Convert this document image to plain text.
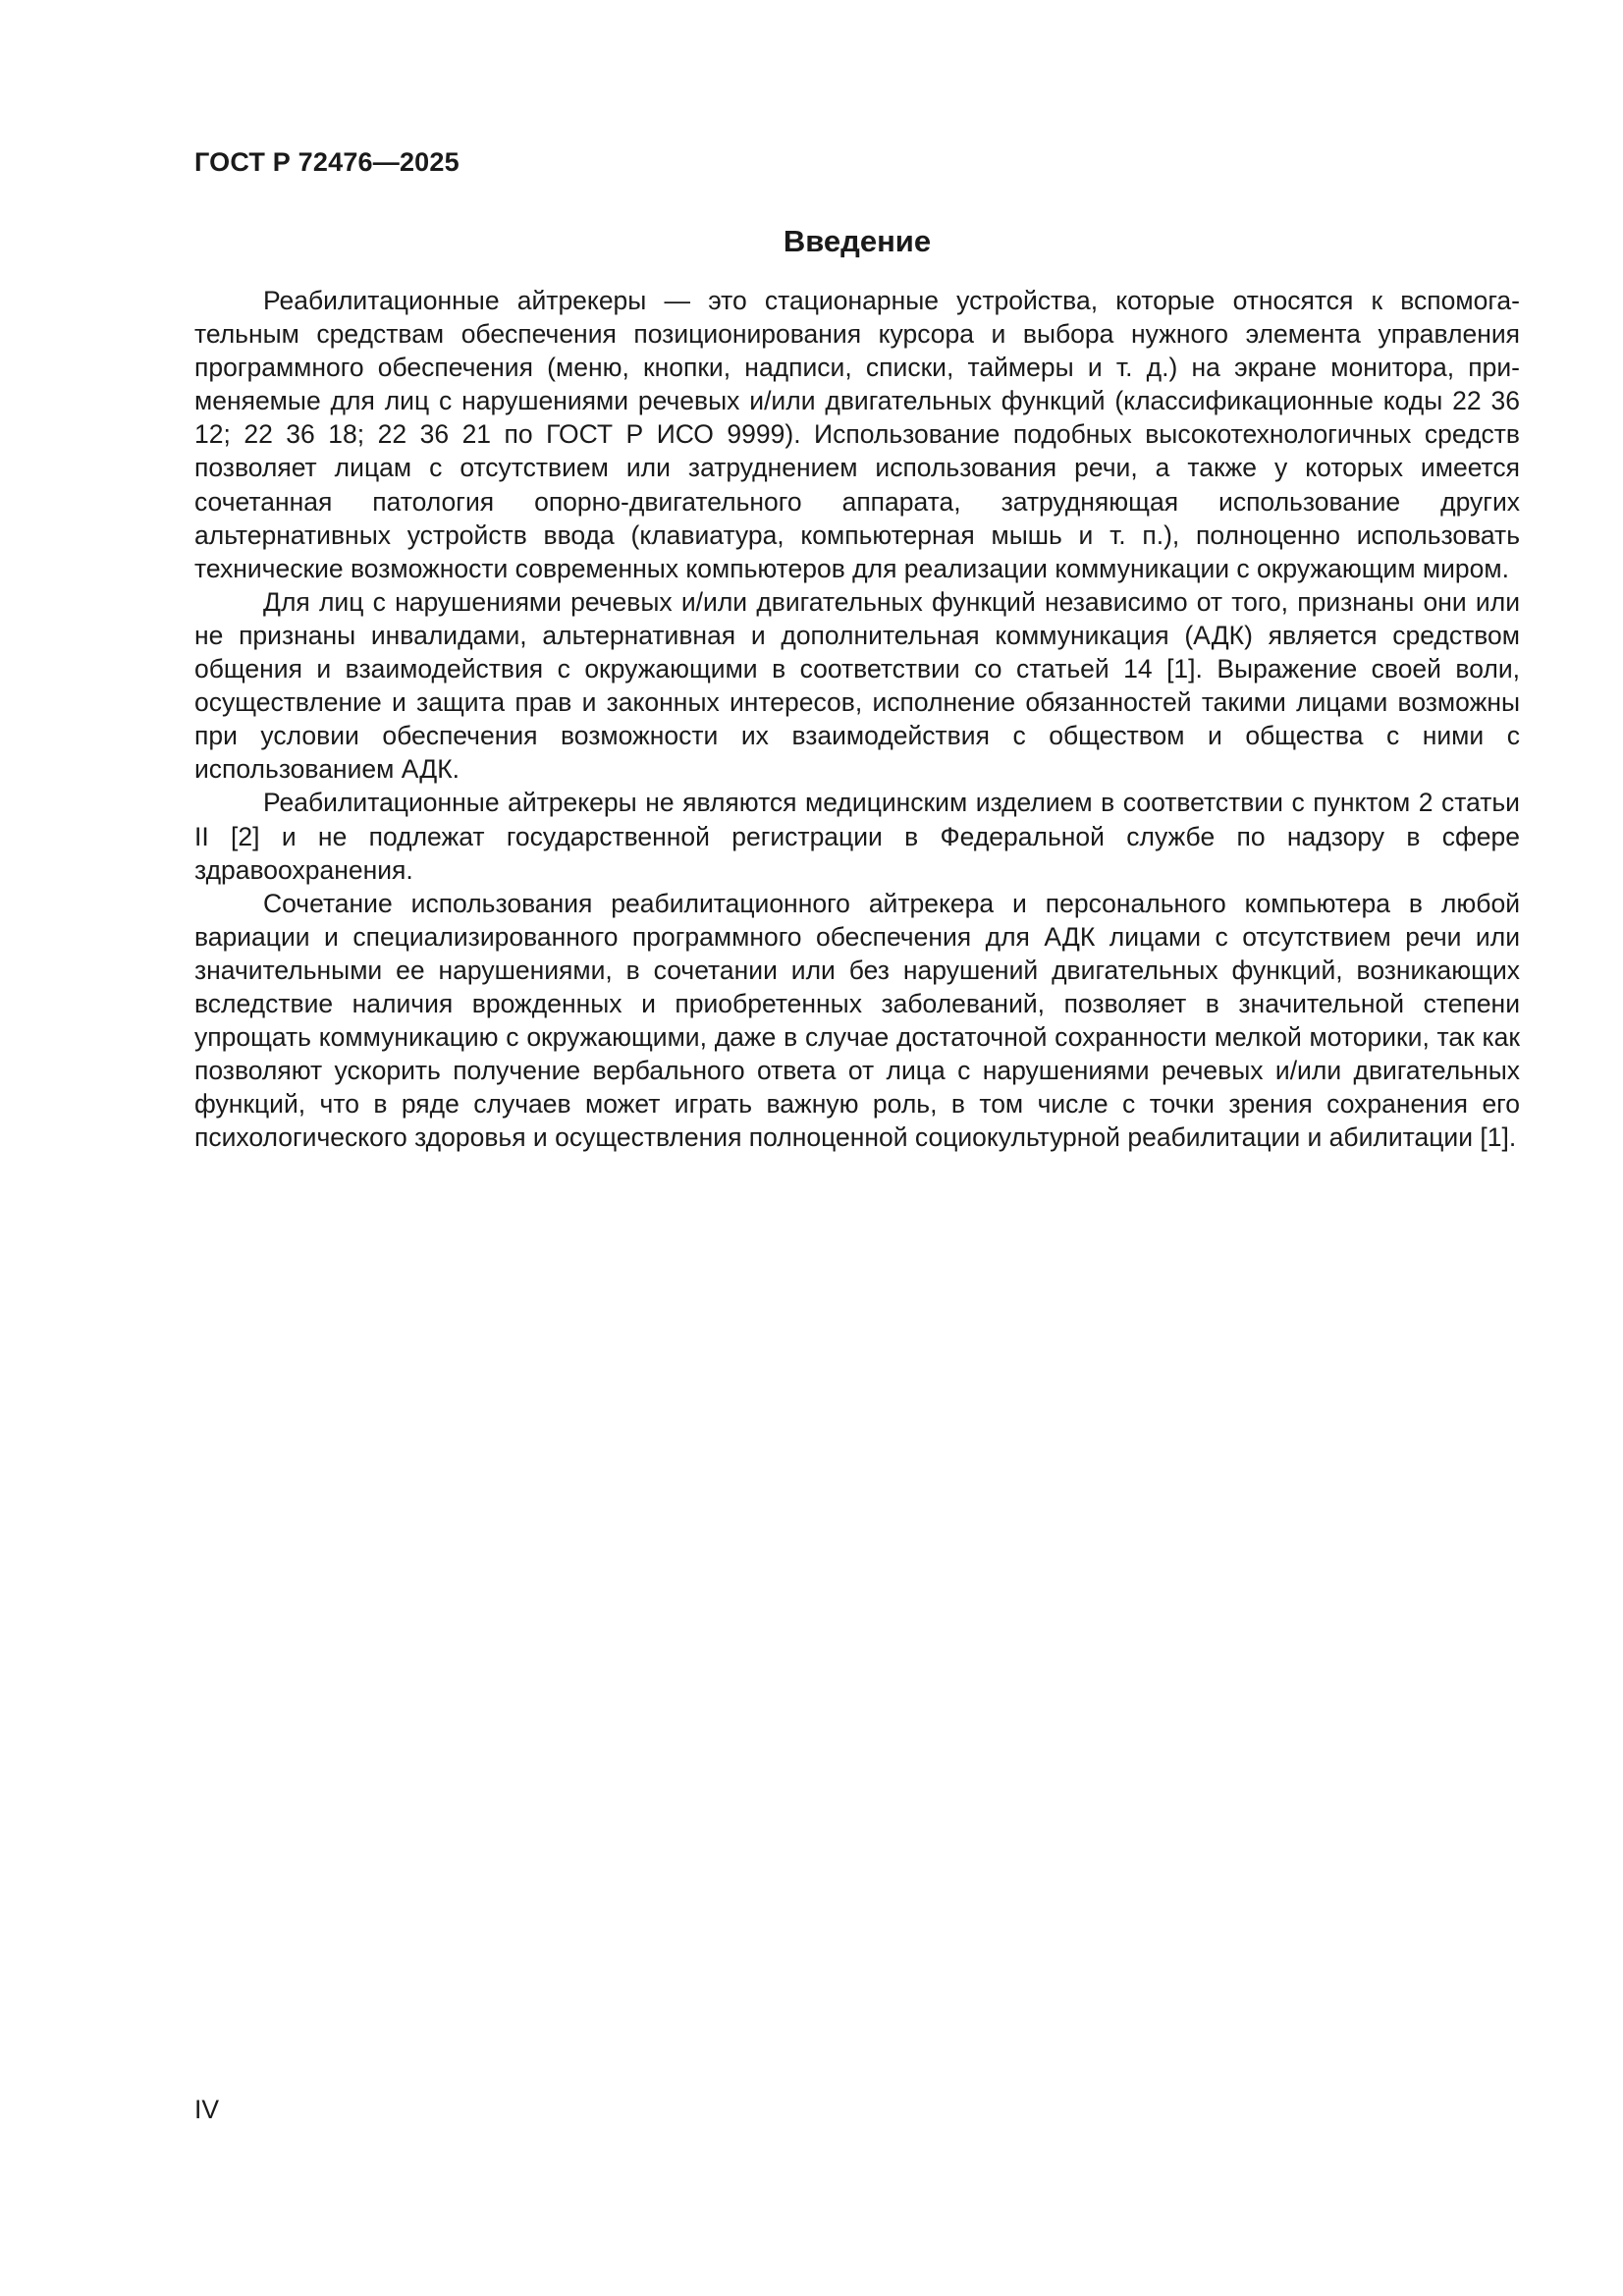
ГОСТ Р 72476—2025
Введение

Реабилитационные айтрекеры — это стационарные устройства, которые относятся к вспомогательным средствам обеспечения позиционирования курсора и выбора нужного элемента управления программного обеспечения (меню, кнопки, надписи, списки, таймеры и т. д.) на экране монитора, применяемые для лиц с нарушениями речевых и/или двигательных функций (классификационные коды 22 36 12; 22 36 18; 22 36 21 по ГОСТ Р ИСО 9999). Использование подобных высокотехнологичных средств позволяет лицам с отсутствием или затруднением использования речи, а также у которых имеется сочетанная патология опорно-двигательного аппарата, затрудняющая использование других альтернативных устройств ввода (клавиатура, компьютерная мышь и т. п.), полноценно использовать технические возможности современных компьютеров для реализации коммуникации с окружающим миром.

Для лиц с нарушениями речевых и/или двигательных функций независимо от того, признаны они или не признаны инвалидами, альтернативная и дополнительная коммуникация (АДК) является средством общения и взаимодействия с окружающими в соответствии со статьей 14 [1]. Выражение своей воли, осуществление и защита прав и законных интересов, исполнение обязанностей такими лицами возможны при условии обеспечения возможности их взаимодействия с обществом и общества с ними с использованием АДК.

Реабилитационные айтрекеры не являются медицинским изделием в соответствии с пунктом 2 статьи II [2] и не подлежат государственной регистрации в Федеральной службе по надзору в сфере здравоохранения.

Сочетание использования реабилитационного айтрекера и персонального компьютера в любой вариации и специализированного программного обеспечения для АДК лицами с отсутствием речи или значительными ее нарушениями, в сочетании или без нарушений двигательных функций, возникающих вследствие наличия врожденных и приобретенных заболеваний, позволяет в значительной степени упрощать коммуникацию с окружающими, даже в случае достаточной сохранности мелкой моторики, так как позволяют ускорить получение вербального ответа от лица с нарушениями речевых и/или двигательных функций, что в ряде случаев может играть важную роль, в том числе с точки зрения сохранения его психологического здоровья и осуществления полноценной социокультурной реабилитации и абилитации [1].

IV
